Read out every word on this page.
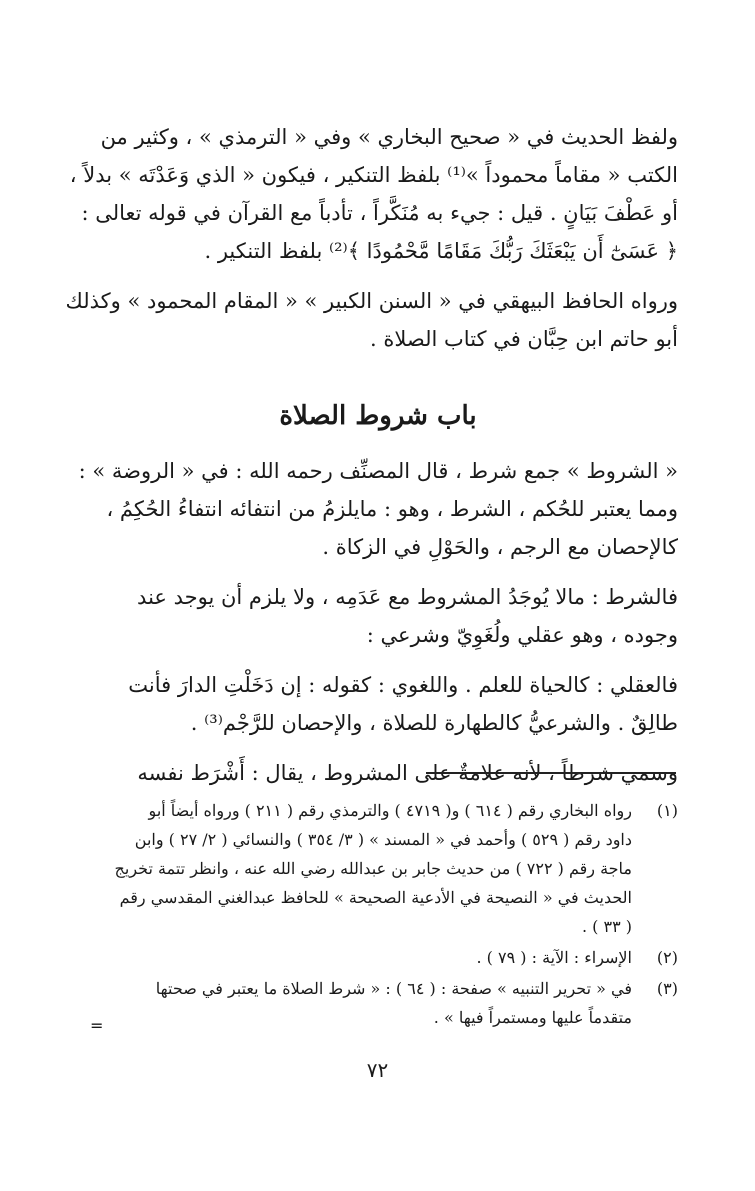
ولفظ الحديث في « صحيح البخاري » وفي « الترمذي » ، وكثير من
الكتب « مقاماً محموداً »⁽¹⁾ بلفظ التنكير ، فيكون « الذي وَعَدْتَه » بدلاً ،
أو عَطْفَ بَيَانٍ . قيل : جيء به مُنَكَّراً ، تأدباً مع القرآن في قوله تعالى :
﴿ عَسَىٰٓ أَن يَبْعَثَكَ رَبُّكَ مَقَامًا مَّحْمُودًا ﴾⁽²⁾ بلفظ التنكير .
ورواه الحافظ البيهقي في « السنن الكبير » « المقام المحمود » وكذلك
أبو حاتم ابن حِبَّان في كتاب الصلاة .
باب شروط الصلاة
« الشروط » جمع شرط ، قال المصنِّف رحمه الله : في « الروضة » :
ومما يعتبر للحُكم ، الشرط ، وهو : مايلزمُ من انتفائه انتفاءُ الحُكِمُ ،
كالإحصان مع الرجم ، والحَوْلِ في الزكاة .
فالشرط : مالا يُوجَدُ المشروط مع عَدَمِه ، ولا يلزم أن يوجد عند
وجوده ، وهو عقلي ولُغَوِيّ وشرعي :
فالعقلي : كالحياة للعلم . واللغوي : كقوله : إن دَخَلْتِ الدارَ فأنت
طالِقٌ . والشرعيُّ كالطهارة للصلاة ، والإحصان للرَّجْم⁽³⁾ .
وسمي شرطاً ، لأنه علامةٌ على المشروط ، يقال : أَشْرَط نفسه
(١)
رواه البخاري رقم ( ٦١٤ ) و( ٤٧١٩ ) والترمذي رقم ( ٢١١ ) ورواه أيضاً أبو
داود رقم ( ٥٢٩ ) وأحمد في « المسند » ( ٣/ ٣٥٤ ) والنسائي ( ٢/ ٢٧ ) وابن
ماجة رقم ( ٧٢٢ ) من حديث جابر بن عبدالله رضي الله عنه ، وانظر تتمة تخريج
الحديث في « النصيحة في الأدعية الصحيحة » للحافظ عبدالغني المقدسي رقم
( ٣٣ ) .
(٢)
الإسراء : الآية : ( ٧٩ ) .
(٣)
في « تحرير التنبيه » صفحة : ( ٦٤ ) : « شرط الصلاة ما يعتبر في صحتها
متقدماً عليها ومستمراً فيها » .
=
٧٢
